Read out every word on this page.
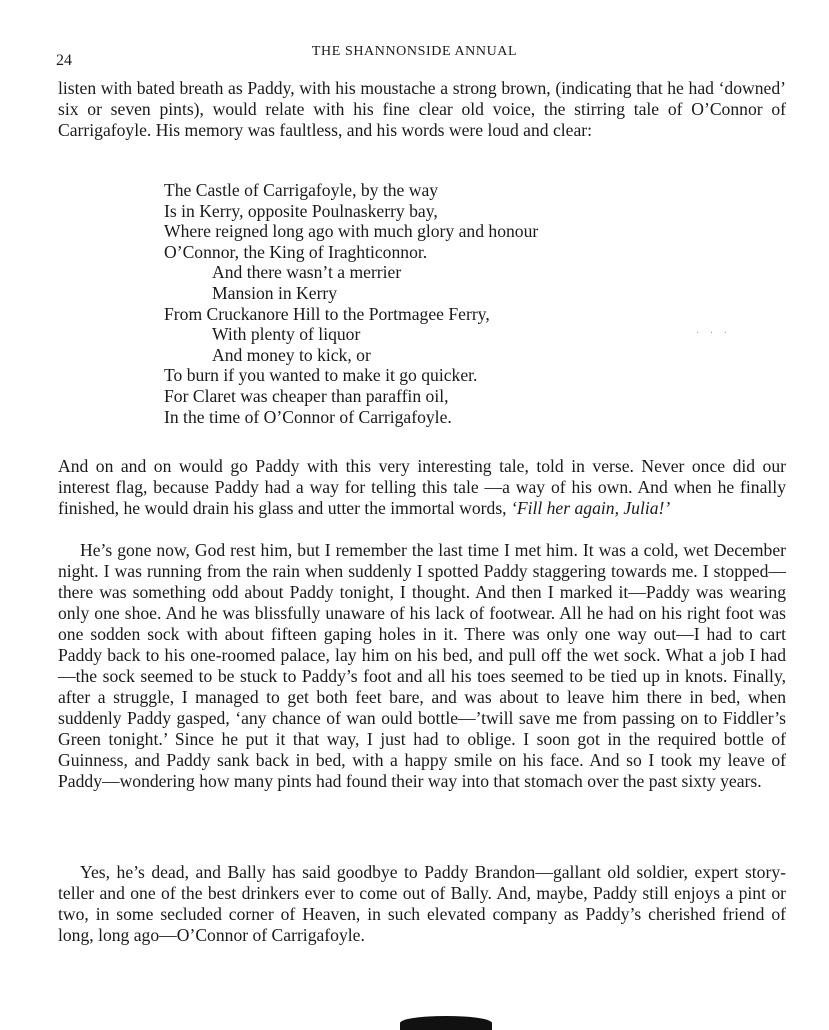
24
THE SHANNONSIDE ANNUAL
listen with bated breath as Paddy, with his moustache a strong brown, (indicating that he had ‘downed’ six or seven pints), would relate with his fine clear old voice, the stirring tale of O’Connor of Carrigafoyle. His memory was faultless, and his words were loud and clear:
The Castle of Carrigafoyle, by the way
Is in Kerry, opposite Poulnaskerry bay,
Where reigned long ago with much glory and honour
O’Connor, the King of Iraghticonnor.
And there wasn’t a merrier
Mansion in Kerry
From Cruckanore Hill to the Portmagee Ferry,
With plenty of liquor
And money to kick, or
To burn if you wanted to make it go quicker.
For Claret was cheaper than paraffin oil,
In the time of O’Connor of Carrigafoyle.
· · ·
And on and on would go Paddy with this very interesting tale, told in verse. Never once did our interest flag, because Paddy had a way for telling this tale —a way of his own. And when he finally finished, he would drain his glass and utter the immortal words, ‘Fill her again, Julia!’
He’s gone now, God rest him, but I remember the last time I met him. It was a cold, wet December night. I was running from the rain when suddenly I spotted Paddy staggering towards me. I stopped—there was something odd about Paddy tonight, I thought. And then I marked it—Paddy was wearing only one shoe. And he was blissfully unaware of his lack of footwear. All he had on his right foot was one sodden sock with about fifteen gaping holes in it. There was only one way out—I had to cart Paddy back to his one-roomed palace, lay him on his bed, and pull off the wet sock. What a job I had—the sock seemed to be stuck to Paddy’s foot and all his toes seemed to be tied up in knots. Finally, after a struggle, I managed to get both feet bare, and was about to leave him there in bed, when suddenly Paddy gasped, ‘any chance of wan ould bottle—’twill save me from passing on to Fiddler’s Green tonight.’ Since he put it that way, I just had to oblige. I soon got in the required bottle of Guinness, and Paddy sank back in bed, with a happy smile on his face. And so I took my leave of Paddy—wondering how many pints had found their way into that stomach over the past sixty years.
Yes, he’s dead, and Bally has said goodbye to Paddy Brandon—gallant old soldier, expert story-teller and one of the best drinkers ever to come out of Bally. And, maybe, Paddy still enjoys a pint or two, in some secluded corner of Heaven, in such elevated company as Paddy’s cherished friend of long, long ago—O’Connor of Carrigafoyle.
